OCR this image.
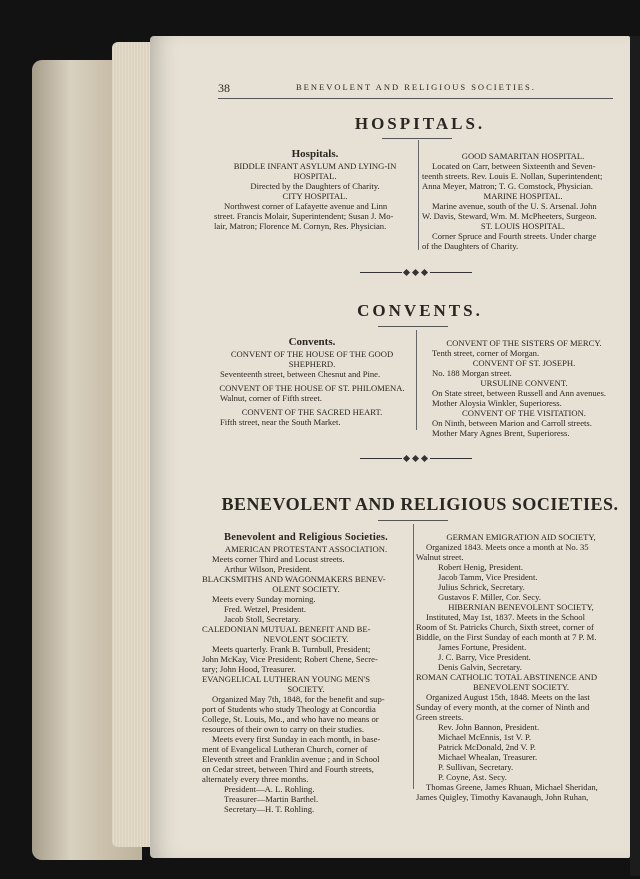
38	BENEVOLENT AND RELIGIOUS SOCIETIES.
HOSPITALS.
Hospitals.
BIDDLE INFANT ASYLUM AND LYING-IN
HOSPITAL.
Directed by the Daughters of Charity.
CITY HOSPITAL.
Northwest corner of Lafayette avenue and Linn
street. Francis Molair, Superintendent; Susan J. Mo-
lair, Matron; Florence M. Cornyn, Res. Physician.
GOOD SAMARITAN HOSPITAL.
Located on Carr, between Sixteenth and Seven-
teenth streets. Rev. Louis E. Nollan, Superintendent;
Anna Meyer, Matron; T. G. Comstock, Physician.
MARINE HOSPITAL.
Marine avenue, south of the U. S. Arsenal. John
W. Davis, Steward, Wm. M. McPheeters, Surgeon.
ST. LOUIS HOSPITAL.
Corner Spruce and Fourth streets. Under charge
of the Daughters of Charity.
CONVENTS.
Convents.
CONVENT OF THE HOUSE OF THE GOOD
SHEPHERD.
Seventeenth street, between Chesnut and Pine.
CONVENT OF THE HOUSE OF ST. PHILOMENA.
Walnut, corner of Fifth street.
CONVENT OF THE SACRED HEART.
Fifth street, near the South Market.
CONVENT OF THE SISTERS OF MERCY.
Tenth street, corner of Morgan.
CONVENT OF ST. JOSEPH.
No. 188 Morgan street.
URSULINE CONVENT.
On State street, between Russell and Ann avenues.
Mother Aloysia Winkler, Superioress.
CONVENT OF THE VISITATION.
On Ninth, between Marion and Carroll streets.
Mother Mary Agnes Brent, Superioress.
BENEVOLENT AND RELIGIOUS SOCIETIES.
Benevolent and Religious Societies.
AMERICAN PROTESTANT ASSOCIATION.
Meets corner Third and Locust streets.
Arthur Wilson, President.
BLACKSMITHS AND WAGONMAKERS BENEV-
OLENT SOCIETY.
Meets every Sunday morning.
Fred. Wetzel, President.
Jacob Stoll, Secretary.
CALEDONIAN MUTUAL BENEFIT AND BE-
NEVOLENT SOCIETY.
Meets quarterly. Frank B. Turnbull, President;
John McKay, Vice President; Robert Chene, Secre-
tary; John Hood, Treasurer.
EVANGELICAL LUTHERAN YOUNG MEN'S
SOCIETY.
Organized May 7th, 1848, for the benefit and sup-
port of Students who study Theology at Concordia
College, St. Louis, Mo., and who have no means or
resources of their own to carry on their studies.
Meets every first Sunday in each month, in base-
ment of Evangelical Lutheran Church, corner of
Eleventh street and Franklin avenue ; and in School
on Cedar street, between Third and Fourth streets,
alternately every three months.
President—A. L. Rohling.
Treasurer—Martin Barthel.
Secretary—H. T. Rohling.
GERMAN EMIGRATION AID SOCIETY,
Organized 1843. Meets once a month at No. 35
Walnut street.
Robert Henig, President.
Jacob Tamm, Vice President.
Julius Schrick, Secretary.
Gustavos F. Miller, Cor. Secy.
HIBERNIAN BENEVOLENT SOCIETY,
Instituted, May 1st, 1837. Meets in the School
Room of St. Patricks Church, Sixth street, corner of
Biddle, on the First Sunday of each month at 7 P. M.
James Fortune, President.
J. C. Barry, Vice President.
Denis Galvin, Secretary.
ROMAN CATHOLIC TOTAL ABSTINENCE AND
BENEVOLENT SOCIETY.
Organized August 15th, 1848. Meets on the last
Sunday of every month, at the corner of Ninth and
Green streets.
Rev. John Bannon, President.
Michael McEnnis, 1st V. P.
Patrick McDonald, 2nd V. P.
Michael Whealan, Treasurer.
P. Sullivan, Secretary.
P. Coyne, Ast. Secy.
Thomas Greene, James Rhuan, Michael Sheridan,
James Quigley, Timothy Kavanaugh, John Ruhan,
